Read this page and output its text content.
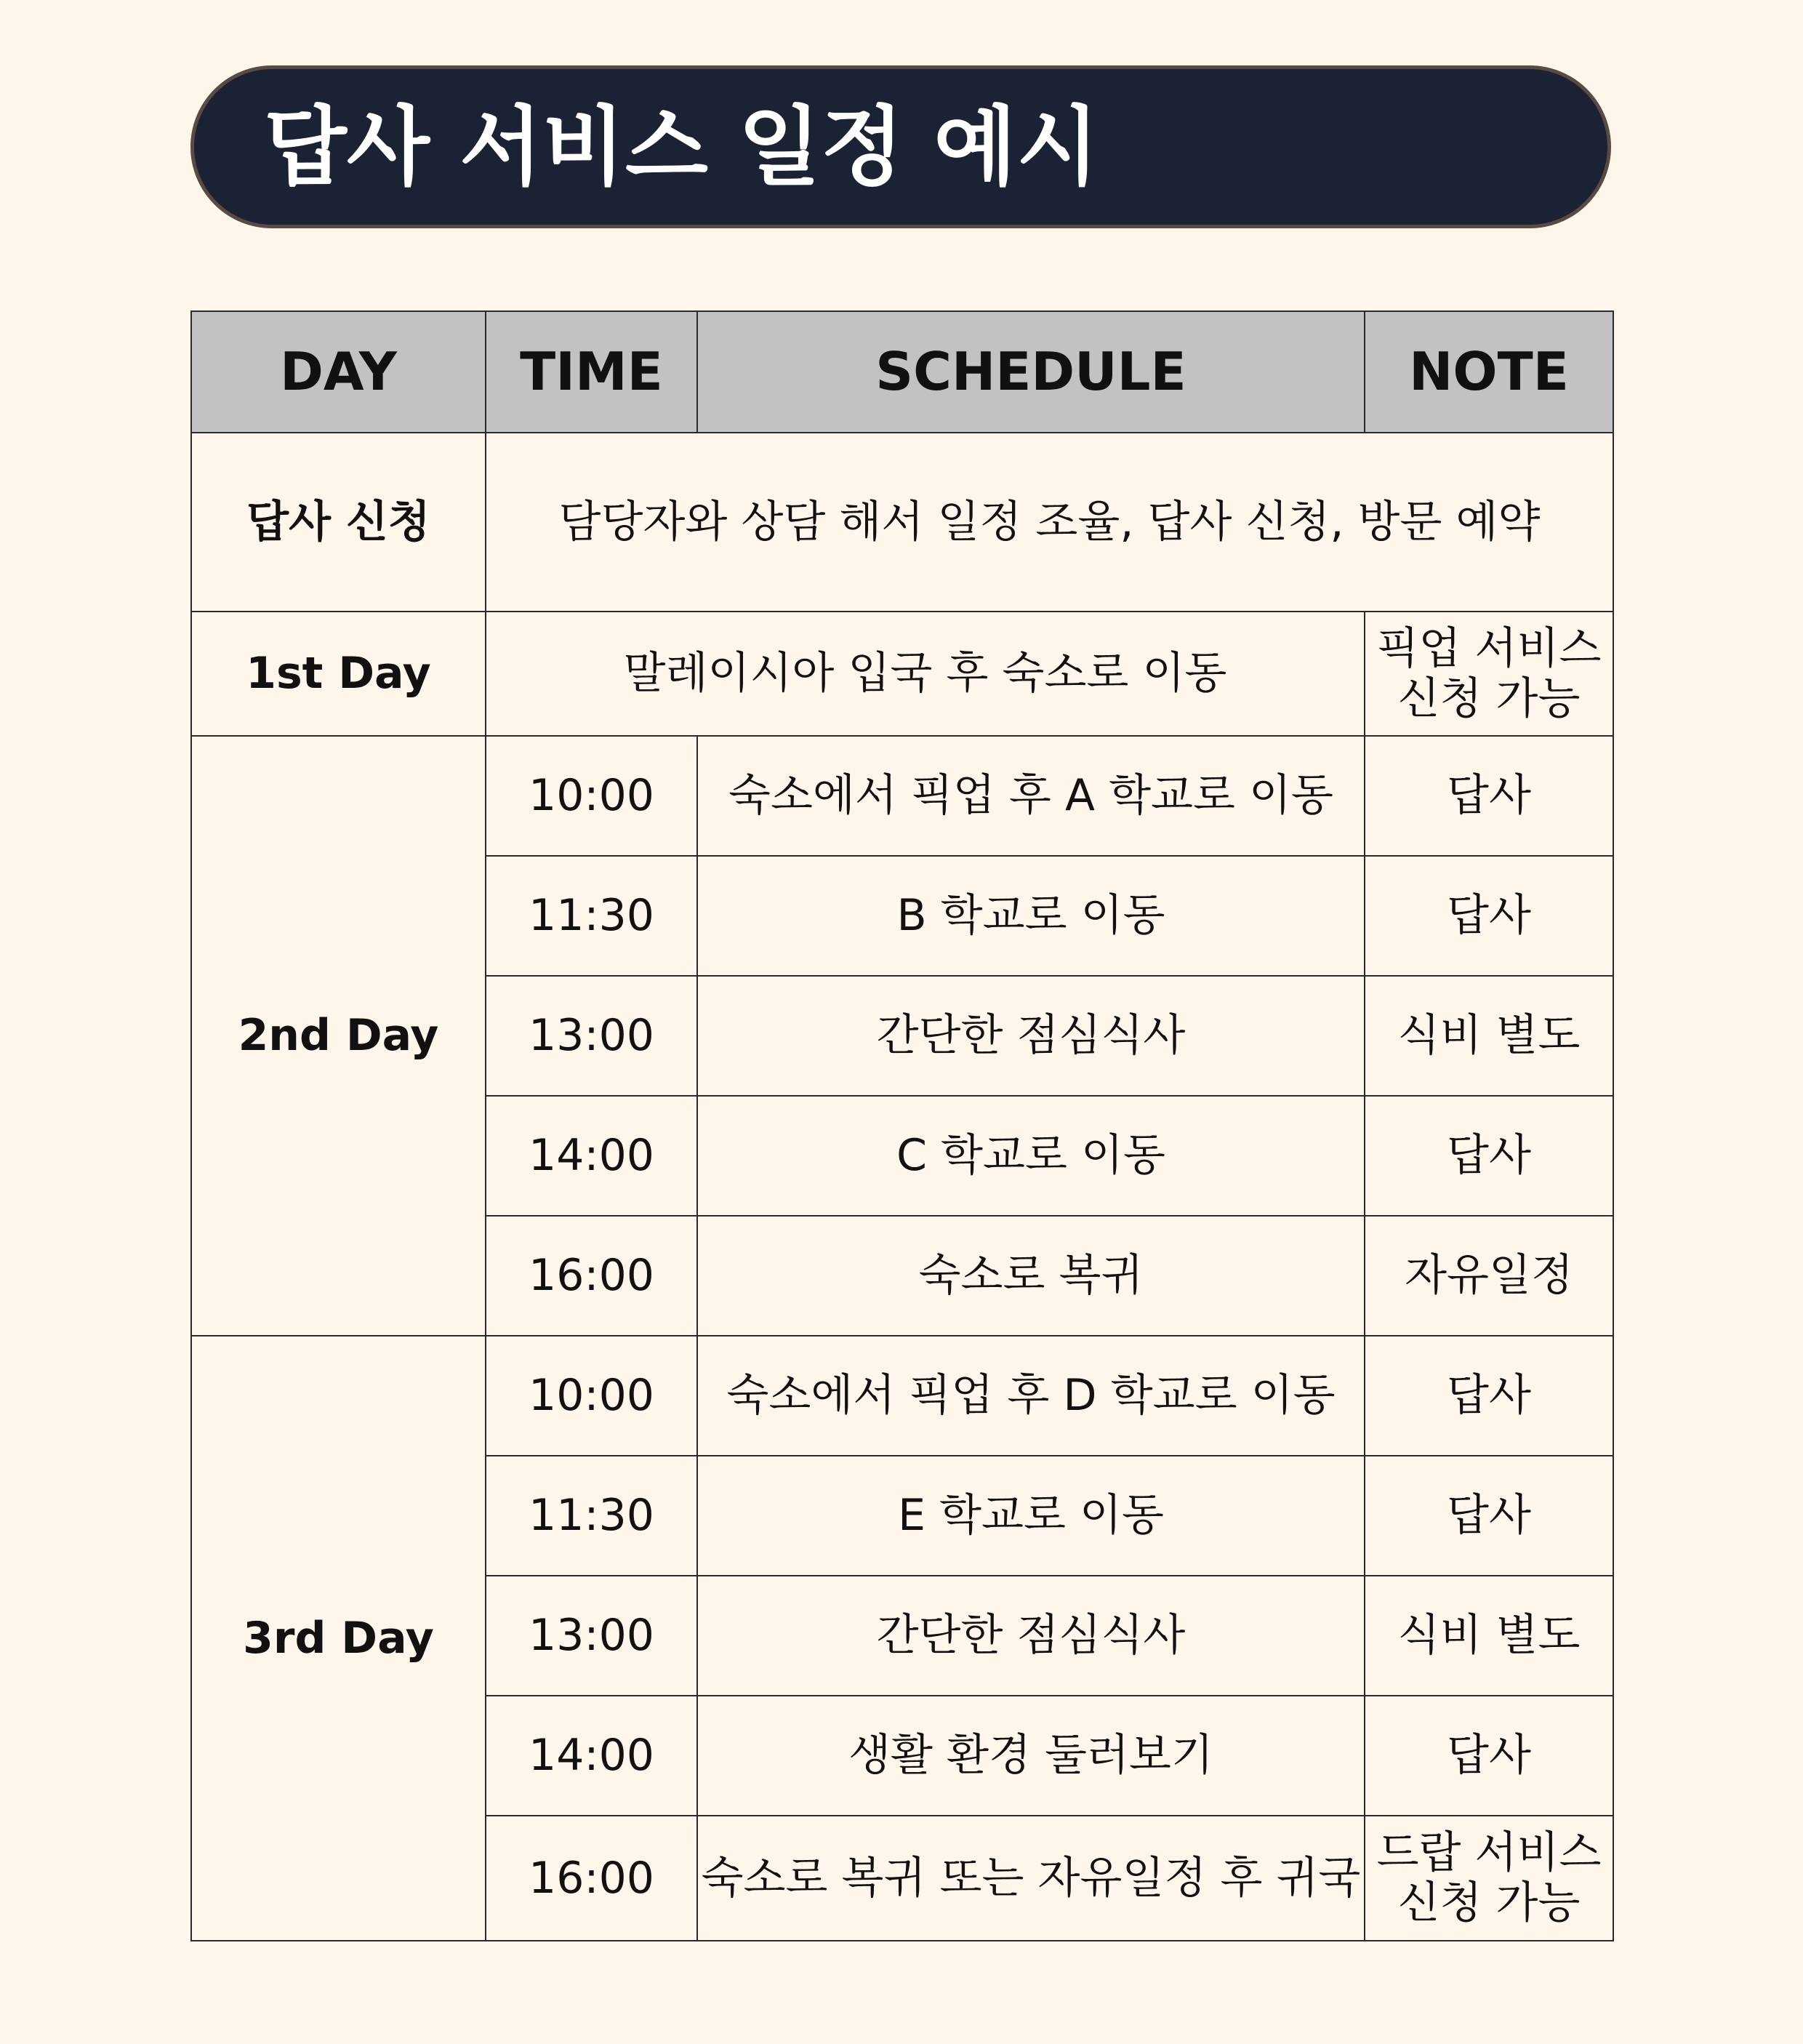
답사 서비스 일정 예시
DAY	TIME	SCHEDULE	NOTE
답사 신청	담당자와 상담 해서 일정 조율, 답사 신청, 방문 예약		
1st Day	말레이시아 입국 후 숙소로 이동		픽업 서비스
신청 가능

2nd Day	10:00	숙소에서 픽업 후 A 학교로 이동	답사
	11:30	B 학교로 이동	답사
	13:00	간단한 점심식사	식비 별도
	14:00	C 학교로 이동	답사
	16:00	숙소로 복귀	자유일정
3rd Day	10:00	숙소에서 픽업 후 D 학교로 이동	답사
	11:30	E 학교로 이동	답사
	13:00	간단한 점심식사	식비 별도
	14:00	생활 환경 둘러보기	답사
	16:00	숙소로 복귀 또는 자유일정 후 귀국	드랍 서비스
신청 가능
